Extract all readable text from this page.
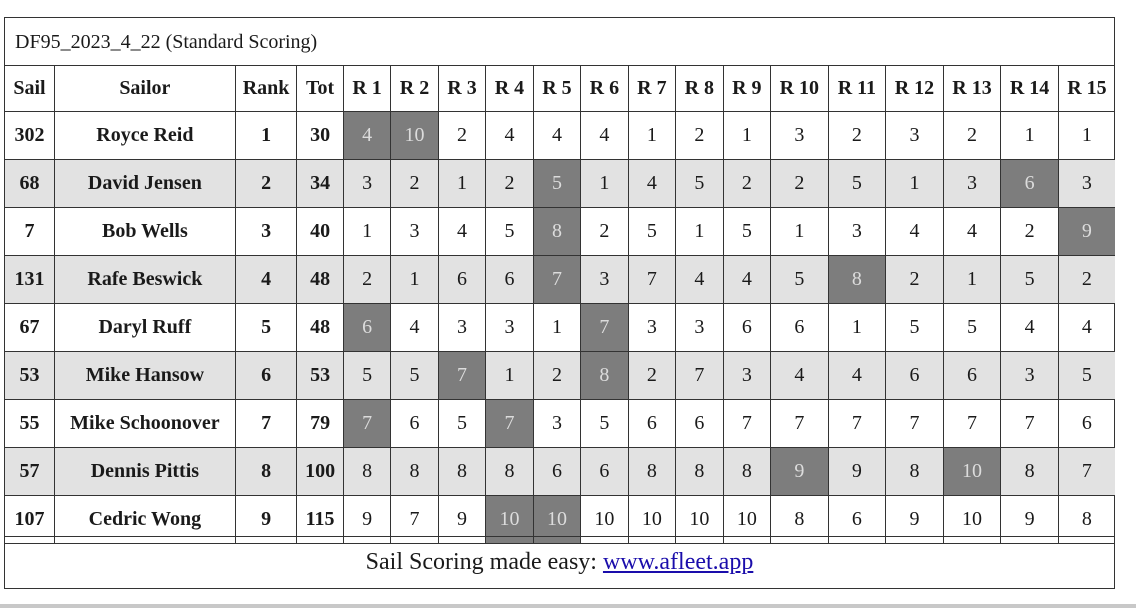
DF95_2023_4_22 (Standard Scoring)
Sail	Sailor	Rank	Tot	R 1	R 2	R 3	R 4	R 5	R 6	R 7	R 8	R 9	R 10	R 11	R 12	R 13	R 14	R 15
302	Royce Reid	1	30	4	10	2	4	4	4	1	2	1	3	2	3	2	1	1
68	David Jensen	2	34	3	2	1	2	5	1	4	5	2	2	5	1	3	6	3
7	Bob Wells	3	40	1	3	4	5	8	2	5	1	5	1	3	4	4	2	9
131	Rafe Beswick	4	48	2	1	6	6	7	3	7	4	4	5	8	2	1	5	2
67	Daryl Ruff	5	48	6	4	3	3	1	7	3	3	6	6	1	5	5	4	4
53	Mike Hansow	6	53	5	5	7	1	2	8	2	7	3	4	4	6	6	3	5
55	Mike Schoonover	7	79	7	6	5	7	3	5	6	6	7	7	7	7	7	7	6
57	Dennis Pittis	8	100	8	8	8	8	6	6	8	8	8	9	9	8	10	8	7
107	Cedric Wong	9	115	9	7	9	10	10	10	10	10	10	8	6	9	10	9	8
Sail Scoring made easy: www.afleet.app
